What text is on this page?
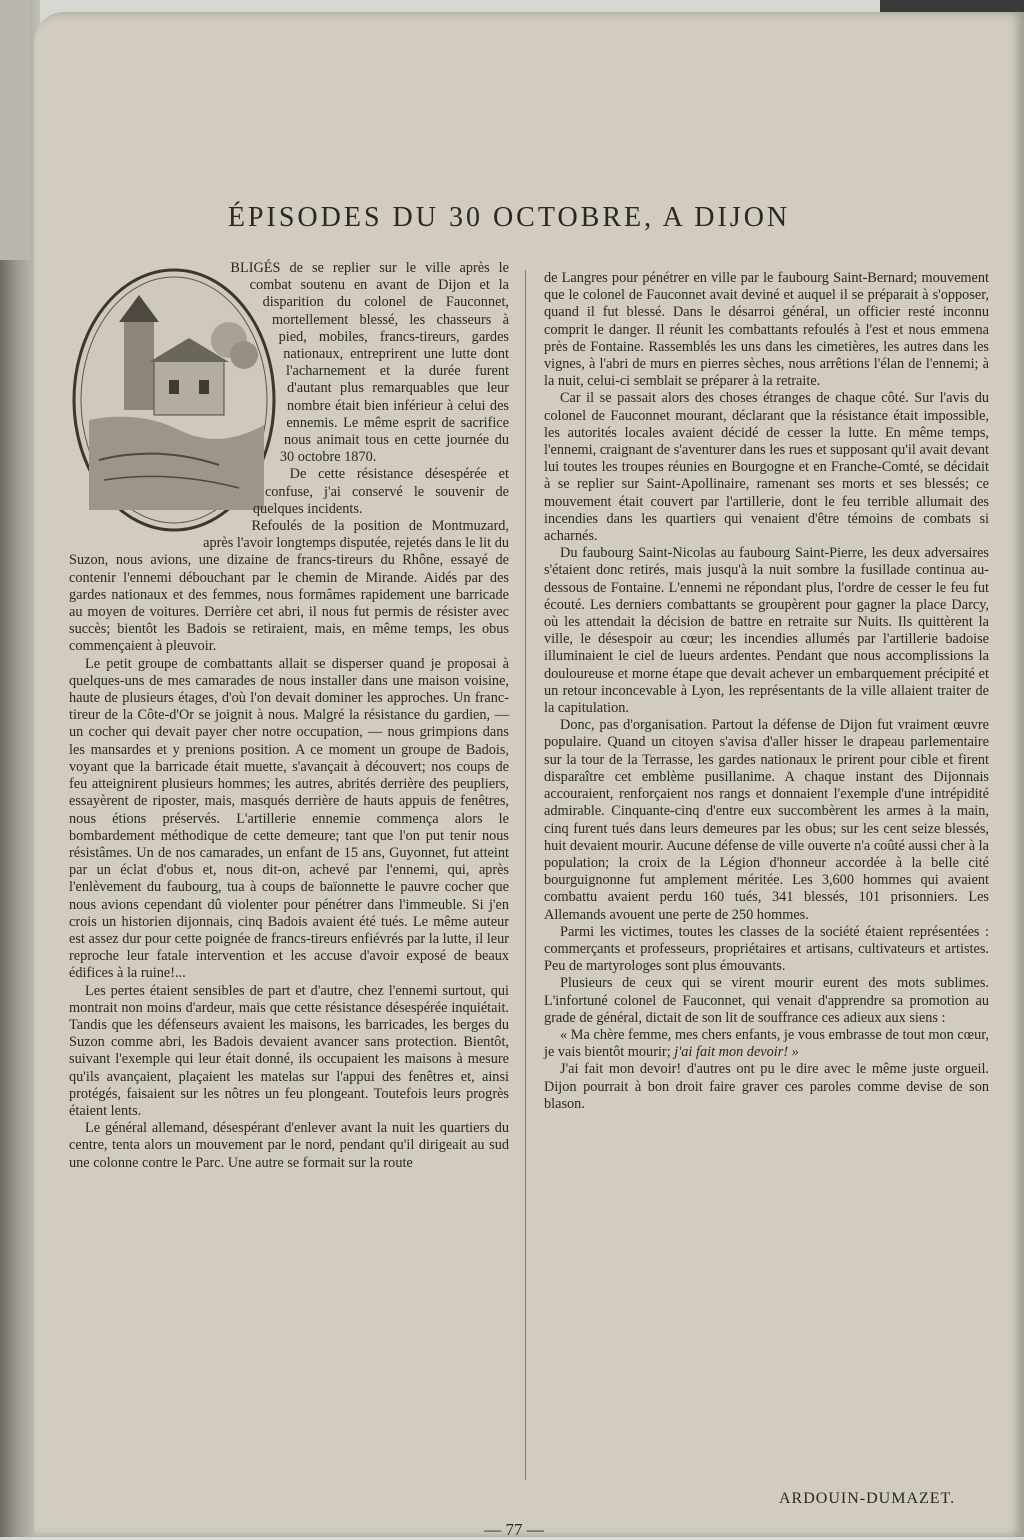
ÉPISODES DU 30 OCTOBRE, A DIJON

BLIGÉS de se replier sur le ville après le combat soutenu en avant de Dijon et la disparition du colonel de Fauconnet, mortellement blessé, les chasseurs à pied, mobiles, francs-tireurs, gardes nationaux, entreprirent une lutte dont l'acharnement et la durée furent d'autant plus remarquables que leur nombre était bien inférieur à celui des ennemis. Le même esprit de sacrifice nous animait tous en cette journée du 30 octobre 1870.

De cette résistance désespérée et confuse, j'ai conservé le souvenir de quelques incidents.

Refoulés de la position de Montmuzard, après l'avoir longtemps disputée, rejetés dans le lit du Suzon, nous avions, une dizaine de francs-tireurs du Rhône, essayé de contenir l'ennemi débouchant par le chemin de Mirande. Aidés par des gardes nationaux et des femmes, nous formâmes rapidement une barricade au moyen de voitures. Derrière cet abri, il nous fut permis de résister avec succès; bientôt les Badois se retiraient, mais, en même temps, les obus commençaient à pleuvoir.

Le petit groupe de combattants allait se disperser quand je proposai à quelques-uns de mes camarades de nous installer dans une maison voisine, haute de plusieurs étages, d'où l'on devait dominer les approches. Un franc-tireur de la Côte-d'Or se joignit à nous. Malgré la résistance du gardien, — un cocher qui devait payer cher notre occupation, — nous grimpions dans les mansardes et y prenions position. A ce moment un groupe de Badois, voyant que la barricade était muette, s'avançait à découvert; nos coups de feu atteignirent plusieurs hommes; les autres, abrités derrière des peupliers, essayèrent de riposter, mais, masqués derrière de hauts appuis de fenêtres, nous étions préservés. L'artillerie ennemie commença alors le bombardement méthodique de cette demeure; tant que l'on put tenir nous résistâmes. Un de nos camarades, un enfant de 15 ans, Guyonnet, fut atteint par un éclat d'obus et, nous dit-on, achevé par l'ennemi, qui, après l'enlèvement du faubourg, tua à coups de baïonnette le pauvre cocher que nous avions cependant dû violenter pour pénétrer dans l'immeuble. Si j'en crois un historien dijonnais, cinq Badois avaient été tués. Le même auteur est assez dur pour cette poignée de francs-tireurs enfiévrés par la lutte, il leur reproche leur fatale intervention et les accuse d'avoir exposé de beaux édifices à la ruine!...

Les pertes étaient sensibles de part et d'autre, chez l'ennemi surtout, qui montrait non moins d'ardeur, mais que cette résistance désespérée inquiétait. Tandis que les défenseurs avaient les maisons, les barricades, les berges du Suzon comme abri, les Badois devaient avancer sans protection. Bientôt, suivant l'exemple qui leur était donné, ils occupaient les maisons à mesure qu'ils avançaient, plaçaient les matelas sur l'appui des fenêtres et, ainsi protégés, faisaient sur les nôtres un feu plongeant. Toutefois leurs progrès étaient lents.

Le général allemand, désespérant d'enlever avant la nuit les quartiers du centre, tenta alors un mouvement par le nord, pendant qu'il dirigeait au sud une colonne contre le Parc. Une autre se formait sur la route

de Langres pour pénétrer en ville par le faubourg Saint-Bernard; mouvement que le colonel de Fauconnet avait deviné et auquel il se préparait à s'opposer, quand il fut blessé. Dans le désarroi général, un officier resté inconnu comprit le danger. Il réunit les combattants refoulés à l'est et nous emmena près de Fontaine. Rassemblés les uns dans les cimetières, les autres dans les vignes, à l'abri de murs en pierres sèches, nous arrêtions l'élan de l'ennemi; à la nuit, celui-ci semblait se préparer à la retraite.

Car il se passait alors des choses étranges de chaque côté. Sur l'avis du colonel de Fauconnet mourant, déclarant que la résistance était impossible, les autorités locales avaient décidé de cesser la lutte. En même temps, l'ennemi, craignant de s'aventurer dans les rues et supposant qu'il avait devant lui toutes les troupes réunies en Bourgogne et en Franche-Comté, se décidait à se replier sur Saint-Apollinaire, ramenant ses morts et ses blessés; ce mouvement était couvert par l'artillerie, dont le feu terrible allumait des incendies dans les quartiers qui venaient d'être témoins de combats si acharnés.

Du faubourg Saint-Nicolas au faubourg Saint-Pierre, les deux adversaires s'étaient donc retirés, mais jusqu'à la nuit sombre la fusillade continua au-dessous de Fontaine. L'ennemi ne répondant plus, l'ordre de cesser le feu fut écouté. Les derniers combattants se groupèrent pour gagner la place Darcy, où les attendait la décision de battre en retraite sur Nuits. Ils quittèrent la ville, le désespoir au cœur; les incendies allumés par l'artillerie badoise illuminaient le ciel de lueurs ardentes. Pendant que nous accomplissions la douloureuse et morne étape que devait achever un embarquement précipité et un retour inconcevable à Lyon, les représentants de la ville allaient traiter de la capitulation.

Donc, pas d'organisation. Partout la défense de Dijon fut vraiment œuvre populaire. Quand un citoyen s'avisa d'aller hisser le drapeau parlementaire sur la tour de la Terrasse, les gardes nationaux le prirent pour cible et firent disparaître cet emblème pusillanime. A chaque instant des Dijonnais accouraient, renforçaient nos rangs et donnaient l'exemple d'une intrépidité admirable. Cinquante-cinq d'entre eux succombèrent les armes à la main, cinq furent tués dans leurs demeures par les obus; sur les cent seize blessés, huit devaient mourir. Aucune défense de ville ouverte n'a coûté aussi cher à la population; la croix de la Légion d'honneur accordée à la belle cité bourguignonne fut amplement méritée. Les 3,600 hommes qui avaient combattu avaient perdu 160 tués, 341 blessés, 101 prisonniers. Les Allemands avouent une perte de 250 hommes.

Parmi les victimes, toutes les classes de la société étaient représentées : commerçants et professeurs, propriétaires et artisans, cultivateurs et artistes. Peu de martyrologes sont plus émouvants.

Plusieurs de ceux qui se virent mourir eurent des mots sublimes. L'infortuné colonel de Fauconnet, qui venait d'apprendre sa promotion au grade de général, dictait de son lit de souffrance ces adieux aux siens :

« Ma chère femme, mes chers enfants, je vous embrasse de tout mon cœur, je vais bientôt mourir; j'ai fait mon devoir! »

J'ai fait mon devoir! d'autres ont pu le dire avec le même juste orgueil. Dijon pourrait à bon droit faire graver ces paroles comme devise de son blason.

ARDOUIN-DUMAZET.

— 77 —
